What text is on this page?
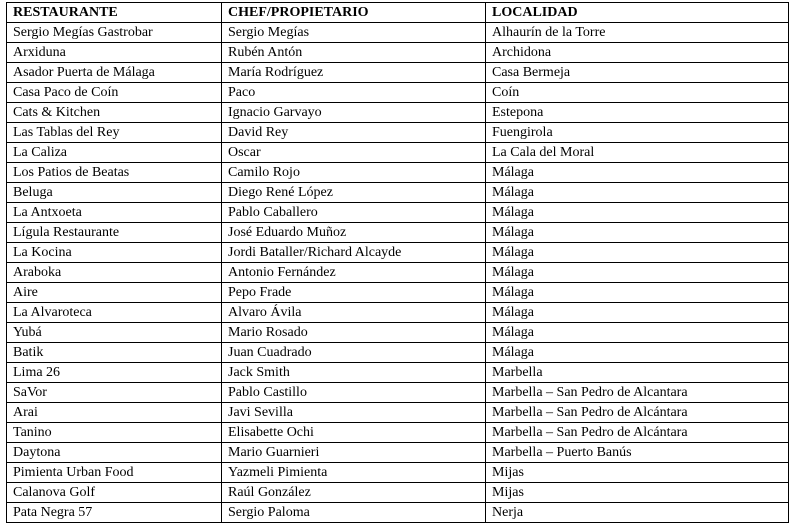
RESTAURANTE	CHEF/PROPIETARIO	LOCALIDAD
Sergio Megías Gastrobar	Sergio Megías	Alhaurín de la Torre
Arxiduna	Rubén Antón	Archidona
Asador Puerta de Málaga	María Rodríguez	Casa Bermeja
Casa Paco de Coín	Paco	Coín
Cats & Kitchen	Ignacio Garvayo	Estepona
Las Tablas del Rey	David Rey	Fuengirola
La Caliza	Oscar	La Cala del Moral
Los Patios de Beatas	Camilo Rojo	Málaga
Beluga	Diego René López	Málaga
La Antxoeta	Pablo Caballero	Málaga
Lígula Restaurante	José Eduardo Muñoz	Málaga
La Kocina	Jordi Bataller/Richard Alcayde	Málaga
Araboka	Antonio Fernández	Málaga
Aire	Pepo Frade	Málaga
La Alvaroteca	Alvaro Ávila	Málaga
Yubá	Mario Rosado	Málaga
Batik	Juan Cuadrado	Málaga
Lima 26	Jack Smith	Marbella
SaVor	Pablo Castillo	Marbella – San Pedro de Alcantara
Arai	Javi Sevilla	Marbella – San Pedro de Alcántara
Tanino	Elisabette Ochi	Marbella – San Pedro de Alcántara
Daytona	Mario Guarnieri	Marbella – Puerto Banús
Pimienta Urban Food	Yazmeli Pimienta	Mijas
Calanova Golf	Raúl González	Mijas
Pata Negra 57	Sergio Paloma	Nerja
